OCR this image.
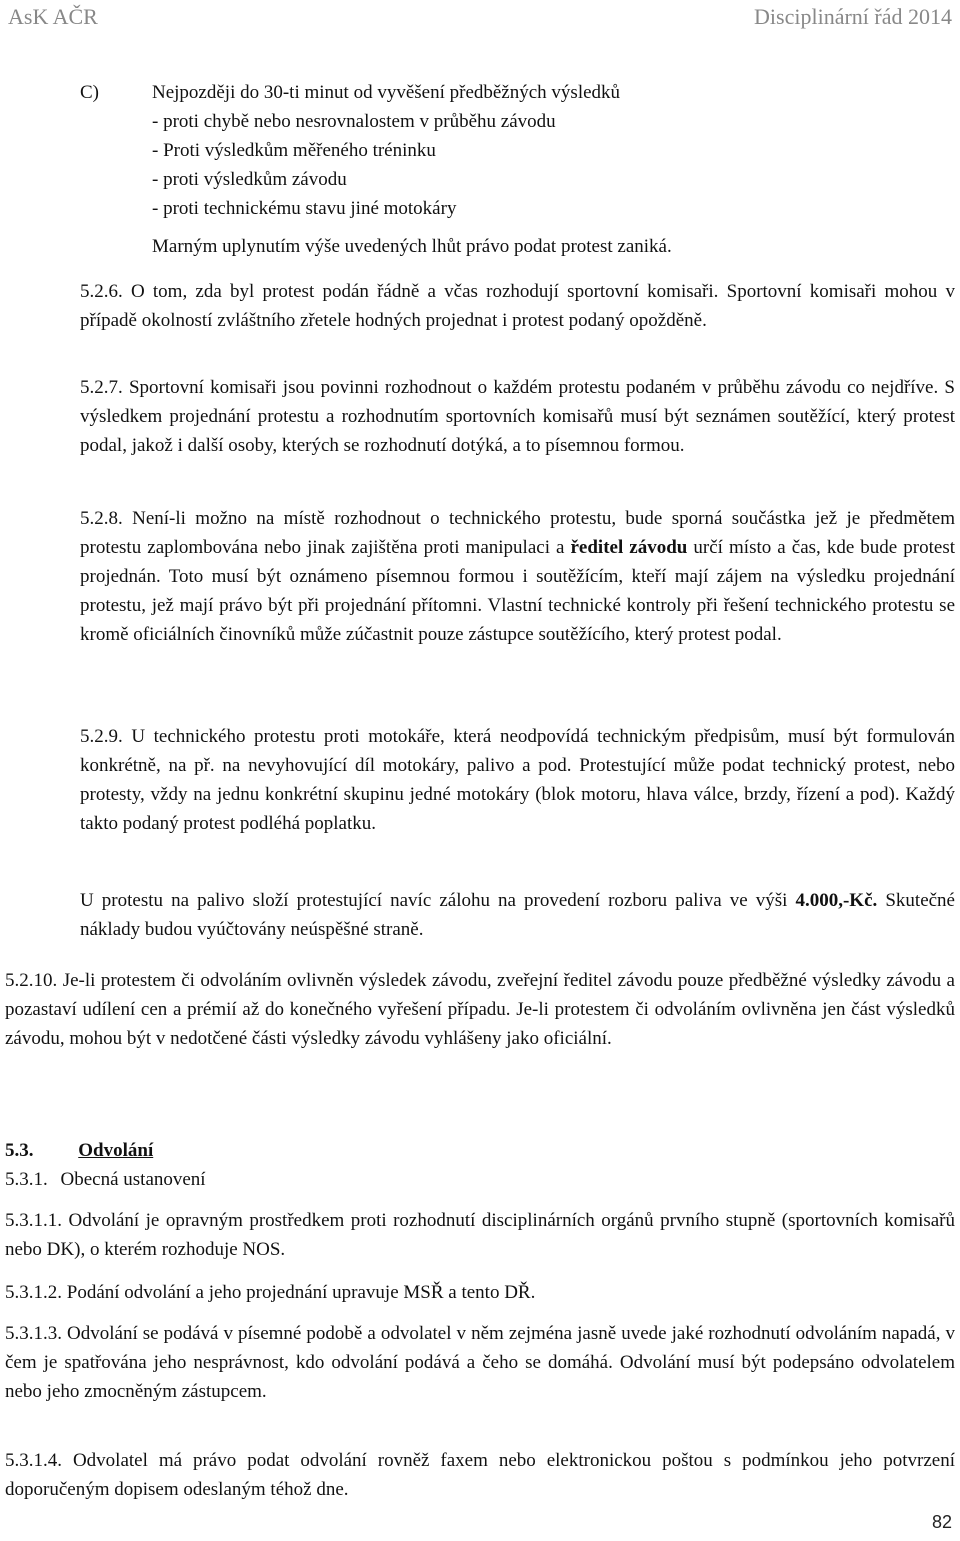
AsK AČR	Disciplinární řád 2014
C)	Nejpozději do 30-ti minut od vyvěšení předběžných výsledků
- proti chybě nebo nesrovnalostem v průběhu závodu
- Proti výsledkům měřeného tréninku
- proti výsledkům závodu
- proti technickému stavu jiné motokáry
Marným uplynutím výše uvedených lhůt právo podat protest zaniká.
5.2.6. O tom, zda byl protest podán řádně a včas rozhodují sportovní komisaři. Sportovní komisaři mohou v případě okolností zvláštního zřetele hodných projednat i protest podaný opožděně.
5.2.7. Sportovní komisaři jsou povinni rozhodnout o každém protestu podaném v průběhu závodu co nejdříve. S výsledkem projednání protestu a rozhodnutím sportovních komisařů musí být seznámen soutěžící, který protest podal, jakož i další osoby, kterých se rozhodnutí dotýká, a to písemnou formou.
5.2.8. Není-li možno na místě rozhodnout o technického protestu, bude sporná součástka jež je předmětem protestu zaplombována nebo jinak zajištěna proti manipulaci a ředitel závodu určí místo a čas, kde bude protest projednán. Toto musí být oznámeno písemnou formou i soutěžícím, kteří mají zájem na výsledku projednání protestu, jež mají právo být při projednání přítomni. Vlastní technické kontroly při řešení technického protestu se kromě oficiálních činovníků může zúčastnit pouze zástupce soutěžícího, který protest podal.
5.2.9. U technického protestu proti motokáře, která neodpovídá technickým předpisům, musí být formulován konkrétně, na př. na nevyhovující díl motokáry, palivo a pod. Protestující může podat technický protest, nebo protesty, vždy na jednu konkrétní skupinu jedné motokáry (blok motoru, hlava válce, brzdy, řízení a pod). Každý takto podaný protest podléhá poplatku.
U protestu na palivo složí protestující navíc zálohu na provedení rozboru paliva ve výši 4.000,-Kč. Skutečné náklady budou vyúčtovány neúspěšné straně.
5.2.10. Je-li protestem či odvoláním ovlivněn výsledek závodu, zveřejní ředitel závodu pouze předběžné výsledky závodu a pozastaví udílení cen a prémií až do konečného vyřešení případu. Je-li protestem či odvoláním ovlivněna jen část výsledků závodu, mohou být v nedotčené části výsledky závodu vyhlášeny jako oficiální.
5.3. Odvolání
5.3.1. Obecná ustanovení
5.3.1.1. Odvolání je opravným prostředkem proti rozhodnutí disciplinárních orgánů prvního stupně (sportovních komisařů nebo DK), o kterém rozhoduje NOS.
5.3.1.2. Podání odvolání a jeho projednání upravuje MSŘ a tento DŘ.
5.3.1.3. Odvolání se podává v písemné podobě a odvolatel v něm zejména jasně uvede jaké rozhodnutí odvoláním napadá, v čem je spatřována jeho nesprávnost, kdo odvolání podává a čeho se domáhá. Odvolání musí být podepsáno odvolatelem nebo jeho zmocněným zástupcem.
5.3.1.4. Odvolatel má právo podat odvolání rovněž faxem nebo elektronickou poštou s podmínkou jeho potvrzení doporučeným dopisem odeslaným téhož dne.
82
